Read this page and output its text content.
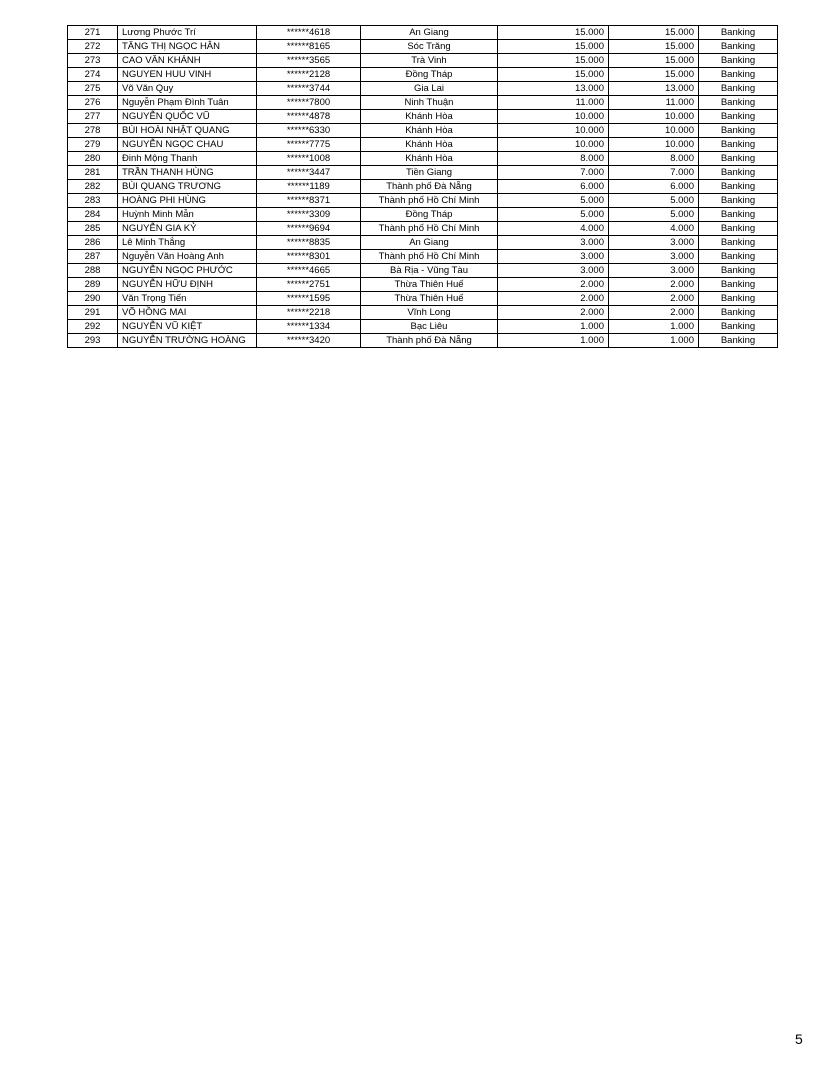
271	Lương Phước Trí	******4618	An Giang	15.000	15.000	Banking
272	TĂNG THỊ NGỌC HÂN	******8165	Sóc Trăng	15.000	15.000	Banking
273	CAO VĂN KHÁNH	******3565	Trà Vinh	15.000	15.000	Banking
274	NGUYEN HUU VINH	******2128	Đồng Tháp	15.000	15.000	Banking
275	Võ Văn Quy	******3744	Gia Lai	13.000	13.000	Banking
276	Nguyễn Phạm Đình Tuân	******7800	Ninh Thuận	11.000	11.000	Banking
277	NGUYỄN QUỐC VŨ	******4878	Khánh Hòa	10.000	10.000	Banking
278	BÙI HOÀI NHẬT QUANG	******6330	Khánh Hòa	10.000	10.000	Banking
279	NGUYỄN NGỌC CHAU	******7775	Khánh Hòa	10.000	10.000	Banking
280	Đinh Mộng Thanh	******1008	Khánh Hòa	8.000	8.000	Banking
281	TRẦN THANH HÙNG	******3447	Tiền Giang	7.000	7.000	Banking
282	BÙI QUANG TRƯƠNG	******1189	Thành phố Đà Nẵng	6.000	6.000	Banking
283	HOÀNG PHI HÙNG	******8371	Thành phố Hồ Chí Minh	5.000	5.000	Banking
284	Huỳnh Minh Mẫn	******3309	Đồng Tháp	5.000	5.000	Banking
285	NGUYỄN GIA KỶ	******9694	Thành phố Hồ Chí Minh	4.000	4.000	Banking
286	Lê Minh Thắng	******8835	An Giang	3.000	3.000	Banking
287	Nguyễn Văn Hoàng Anh	******8301	Thành phố Hồ Chí Minh	3.000	3.000	Banking
288	NGUYỄN NGỌC PHƯỚC	******4665	Bà Rịa - Vũng Tàu	3.000	3.000	Banking
289	NGUYỄN HỮU ĐỊNH	******2751	Thừa Thiên Huế	2.000	2.000	Banking
290	Văn Trọng Tiến	******1595	Thừa Thiên Huế	2.000	2.000	Banking
291	VÕ HỒNG MAI	******2218	Vĩnh Long	2.000	2.000	Banking
292	NGUYỄN VŨ KIỆT	******1334	Bạc Liêu	1.000	1.000	Banking
293	NGUYỄN TRƯỜNG HOÀNG	******3420	Thành phố Đà Nẵng	1.000	1.000	Banking
5
